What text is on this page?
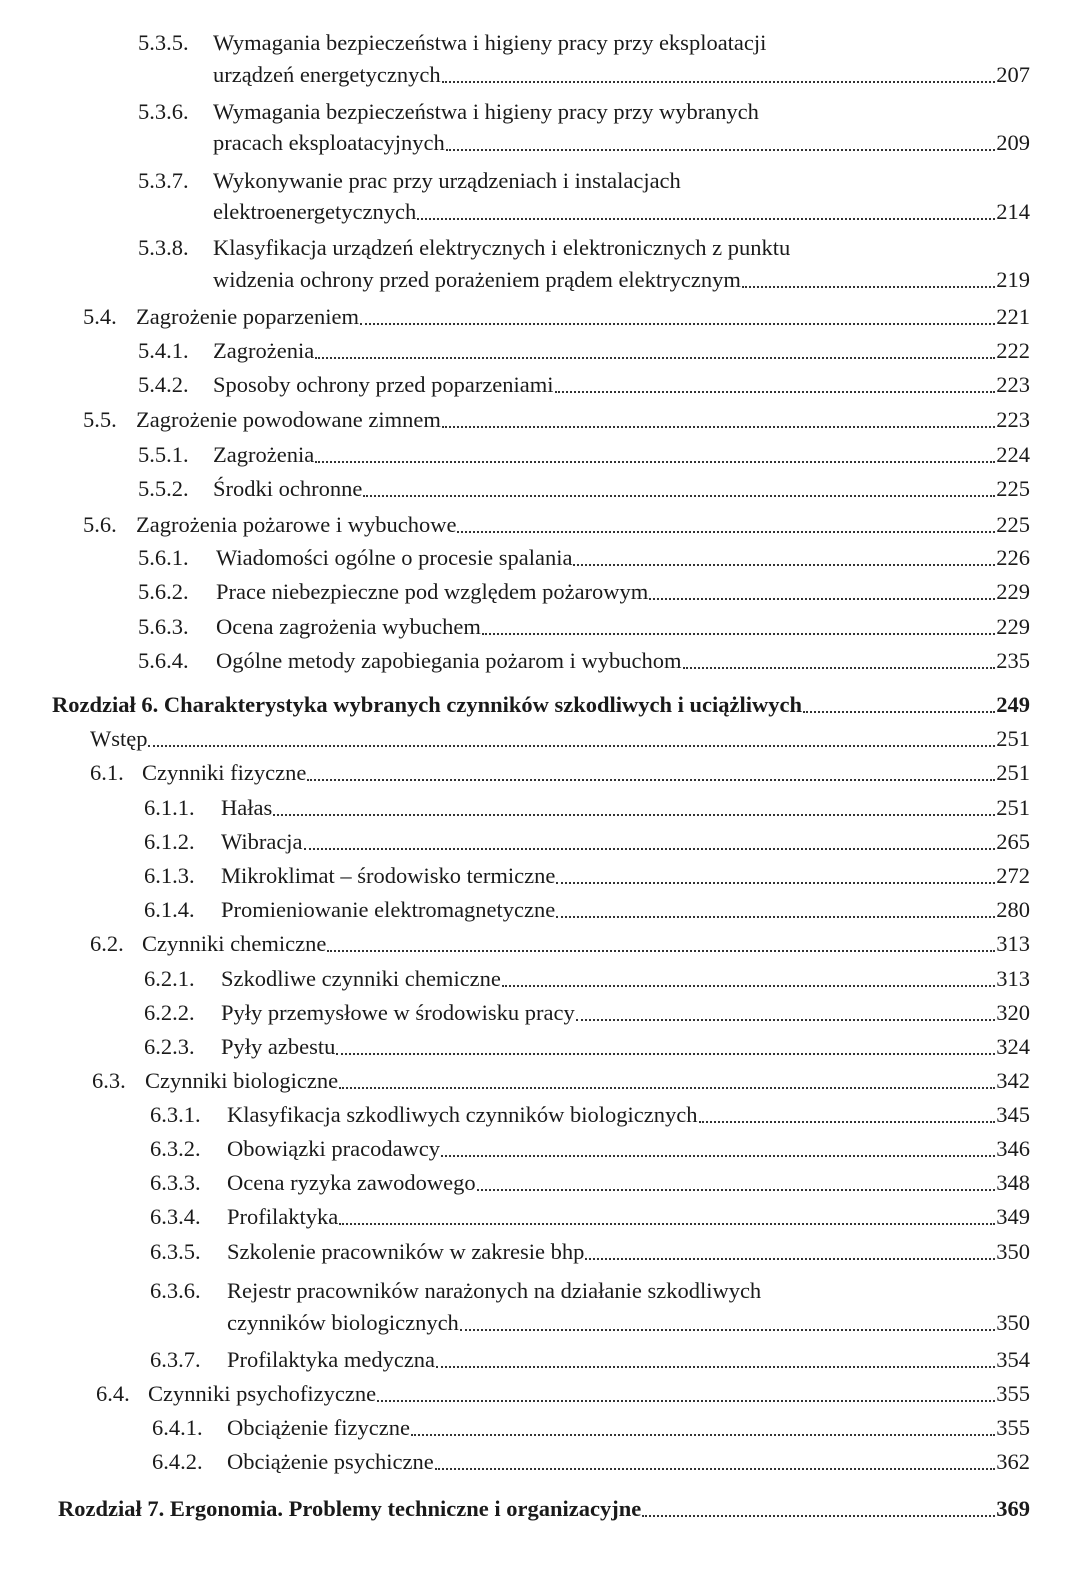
5.3.5. Wymagania bezpieczeństwa i higieny pracy przy eksploatacji
urządzeń energetycznych	207
5.3.6. Wymagania bezpieczeństwa i higieny pracy przy wybranych
pracach eksploatacyjnych	209
5.3.7. Wykonywanie prac przy urządzeniach i instalacjach
elektroenergetycznych	214
5.3.8. Klasyfikacja urządzeń elektrycznych i elektronicznych z punktu
widzenia ochrony przed porażeniem prądem elektrycznym	219
5.4. Zagrożenie poparzeniem	221
5.4.1.	Zagrożenia	222
5.4.2.	Sposoby ochrony przed poparzeniami	223
5.5. Zagrożenie powodowane zimnem	223
5.5.1.	Zagrożenia	224
5.5.2.	Środki ochronne	225
5.6. Zagrożenia pożarowe i wybuchowe	225
5.6.1.	Wiadomości ogólne o procesie spalania	226
5.6.2.	Prace niebezpieczne pod względem pożarowym	229
5.6.3.	Ocena zagrożenia wybuchem	229
5.6.4.	Ogólne metody zapobiegania pożarom i wybuchom	235
Rozdział 6. Charakterystyka wybranych czynników szkodliwych i uciążliwych	249
Wstęp	251
6.1. Czynniki fizyczne	251
6.1.1.	Hałas	251
6.1.2.	Wibracja	265
6.1.3.	Mikroklimat – środowisko termiczne	272
6.1.4.	Promieniowanie elektromagnetyczne	280
6.2. Czynniki chemiczne	313
6.2.1.	Szkodliwe czynniki chemiczne	313
6.2.2.	Pyły przemysłowe w środowisku pracy	320
6.2.3.	Pyły azbestu	324
6.3. Czynniki biologiczne	342
6.3.1.	Klasyfikacja szkodliwych czynników biologicznych	345
6.3.2.	Obowiązki pracodawcy	346
6.3.3.	Ocena ryzyka zawodowego	348
6.3.4.	Profilaktyka	349
6.3.5.	Szkolenie pracowników w zakresie bhp	350
6.3.6. Rejestr pracowników narażonych na działanie szkodliwych
czynników biologicznych	350
6.3.7.	Profilaktyka medyczna	354
6.4. Czynniki psychofizyczne	355
6.4.1.	Obciążenie fizyczne	355
6.4.2.	Obciążenie psychiczne	362
Rozdział 7. Ergonomia. Problemy techniczne i organizacyjne	369
